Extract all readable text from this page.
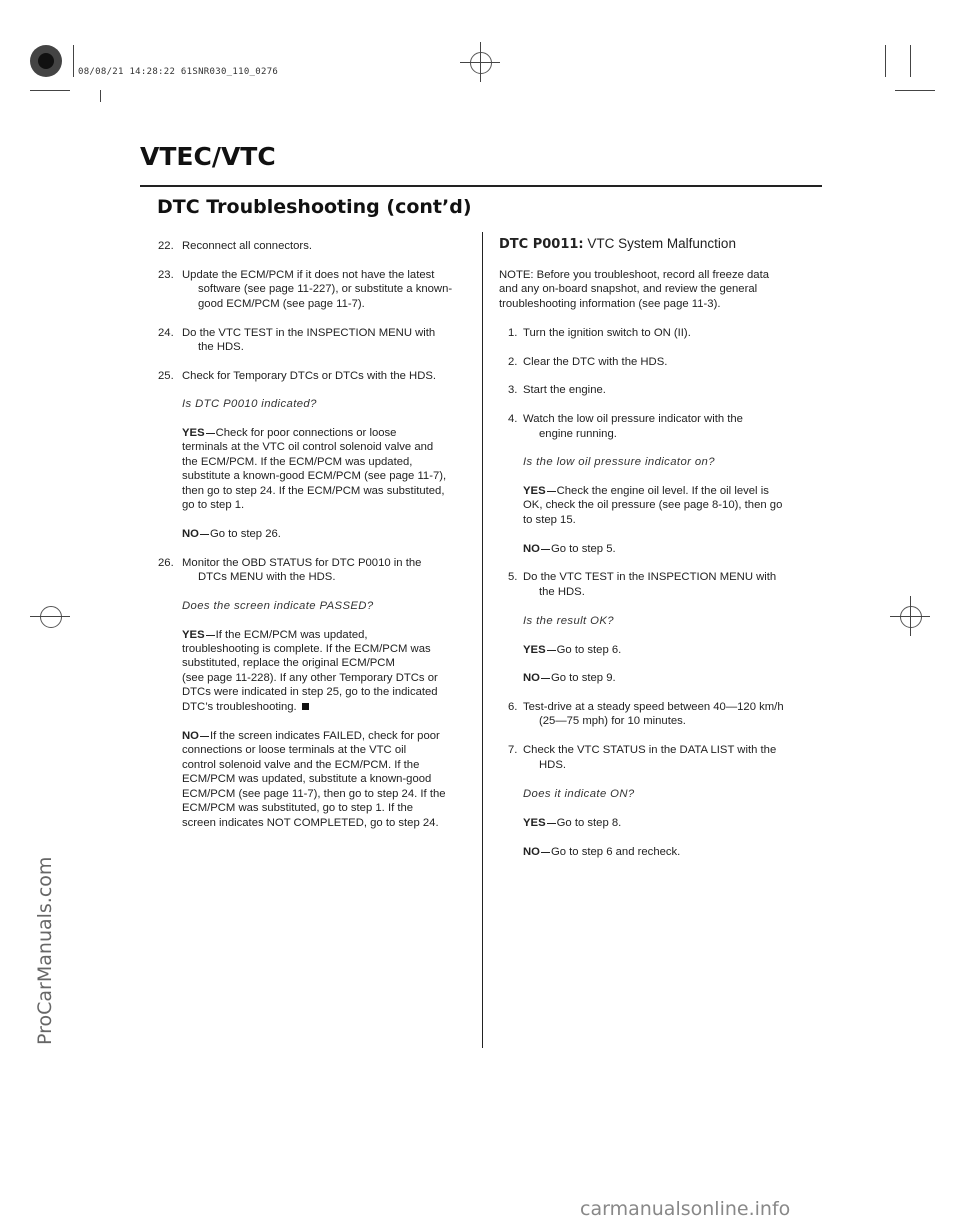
08/08/21 14:28:22 61SNR030_110_0276
VTEC/VTC
DTC Troubleshooting (cont’d)
22. Reconnect all connectors.

23. Update the ECM/PCM if it does not have the latest

software (see page 11-227), or substitute a known-

good ECM/PCM (see page 11-7).

24. Do the VTC TEST in the INSPECTION MENU with

the HDS.

25. Check for Temporary DTCs or DTCs with the HDS.

Is DTC P0010 indicated?

YES Check for poor connections or loose

terminals at the VTC oil control solenoid valve and

the ECM/PCM. If the ECM/PCM was updated,

substitute a known-good ECM/PCM (see page 11-7),

then go to step 24. If the ECM/PCM was substituted,

go to step 1.

NO Go to step 26.

26. Monitor the OBD STATUS for DTC P0010 in the

DTCs MENU with the HDS.

Does the screen indicate PASSED?

YES If the ECM/PCM was updated,

troubleshooting is complete. If the ECM/PCM was

substituted, replace the original ECM/PCM

(see page 11-228). If any other Temporary DTCs or

DTCs were indicated in step 25, go to the indicated

DTC’s troubleshooting.

NO If the screen indicates FAILED, check for poor

connections or loose terminals at the VTC oil

control solenoid valve and the ECM/PCM. If the

ECM/PCM was updated, substitute a known-good

ECM/PCM (see page 11-7), then go to step 24. If the

ECM/PCM was substituted, go to step 1. If the

screen indicates NOT COMPLETED, go to step 24.

DTC P0011: VTC System Malfunction

NOTE: Before you troubleshoot, record all freeze data

and any on-board snapshot, and review the general

troubleshooting information (see page 11-3).

1. Turn the ignition switch to ON (II).

2. Clear the DTC with the HDS.

3. Start the engine.

4. Watch the low oil pressure indicator with the

engine running.

Is the low oil pressure indicator on?

YES Check the engine oil level. If the oil level is

OK, check the oil pressure (see page 8-10), then go

to step 15.

NO Go to step 5.

5. Do the VTC TEST in the INSPECTION MENU with

the HDS.

Is the result OK?

YES Go to step 6.

NO Go to step 9.

6. Test-drive at a steady speed between 40—120 km/h

(25—75 mph) for 10 minutes.

7. Check the VTC STATUS in the DATA LIST with the

HDS.

Does it indicate ON?

YES Go to step 8.

NO Go to step 6 and recheck.

ProCarManuals.com
carmanualsonline.info
